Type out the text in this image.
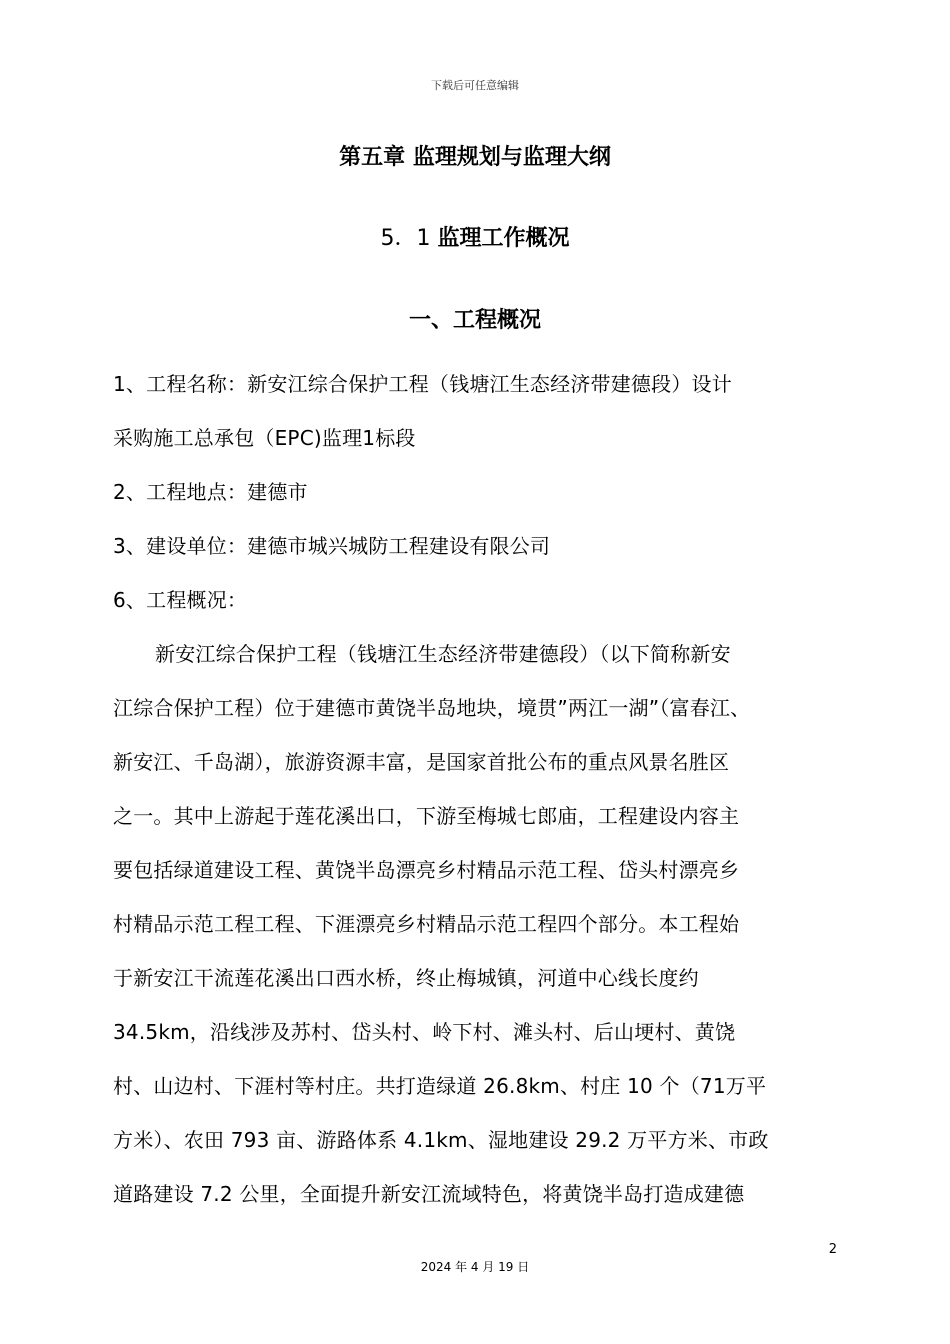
下载后可任意编辑
第五章 监理规划与监理大纲
5．1 监理工作概况
一、工程概况
1、工程名称：新安江综合保护工程（钱塘江生态经济带建德段）设计
采购施工总承包（EPC)监理1标段
2、工程地点：建德市
3、建设单位：建德市城兴城防工程建设有限公司
6、工程概况：
新安江综合保护工程（钱塘江生态经济带建德段）（以下简称新安
江综合保护工程）位于建德市黄饶半岛地块，境贯”两江一湖”（富春江、
新安江、千岛湖），旅游资源丰富，是国家首批公布的重点风景名胜区
之一。其中上游起于莲花溪出口，下游至梅城七郎庙，工程建设内容主
要包括绿道建设工程、黄饶半岛漂亮乡村精品示范工程、岱头村漂亮乡
村精品示范工程工程、下涯漂亮乡村精品示范工程四个部分。本工程始
于新安江干流莲花溪出口西水桥，终止梅城镇，河道中心线长度约
34.5km，沿线涉及苏村、岱头村、岭下村、滩头村、后山埂村、黄饶
村、山边村、下涯村等村庄。共打造绿道 26.8km、村庄 10 个（71万平
方米）、农田 793 亩、游路体系 4.1km、湿地建设 29.2 万平方米、市政
道路建设 7.2 公里，全面提升新安江流域特色，将黄饶半岛打造成建德
2
2024 年 4 月 19 日
